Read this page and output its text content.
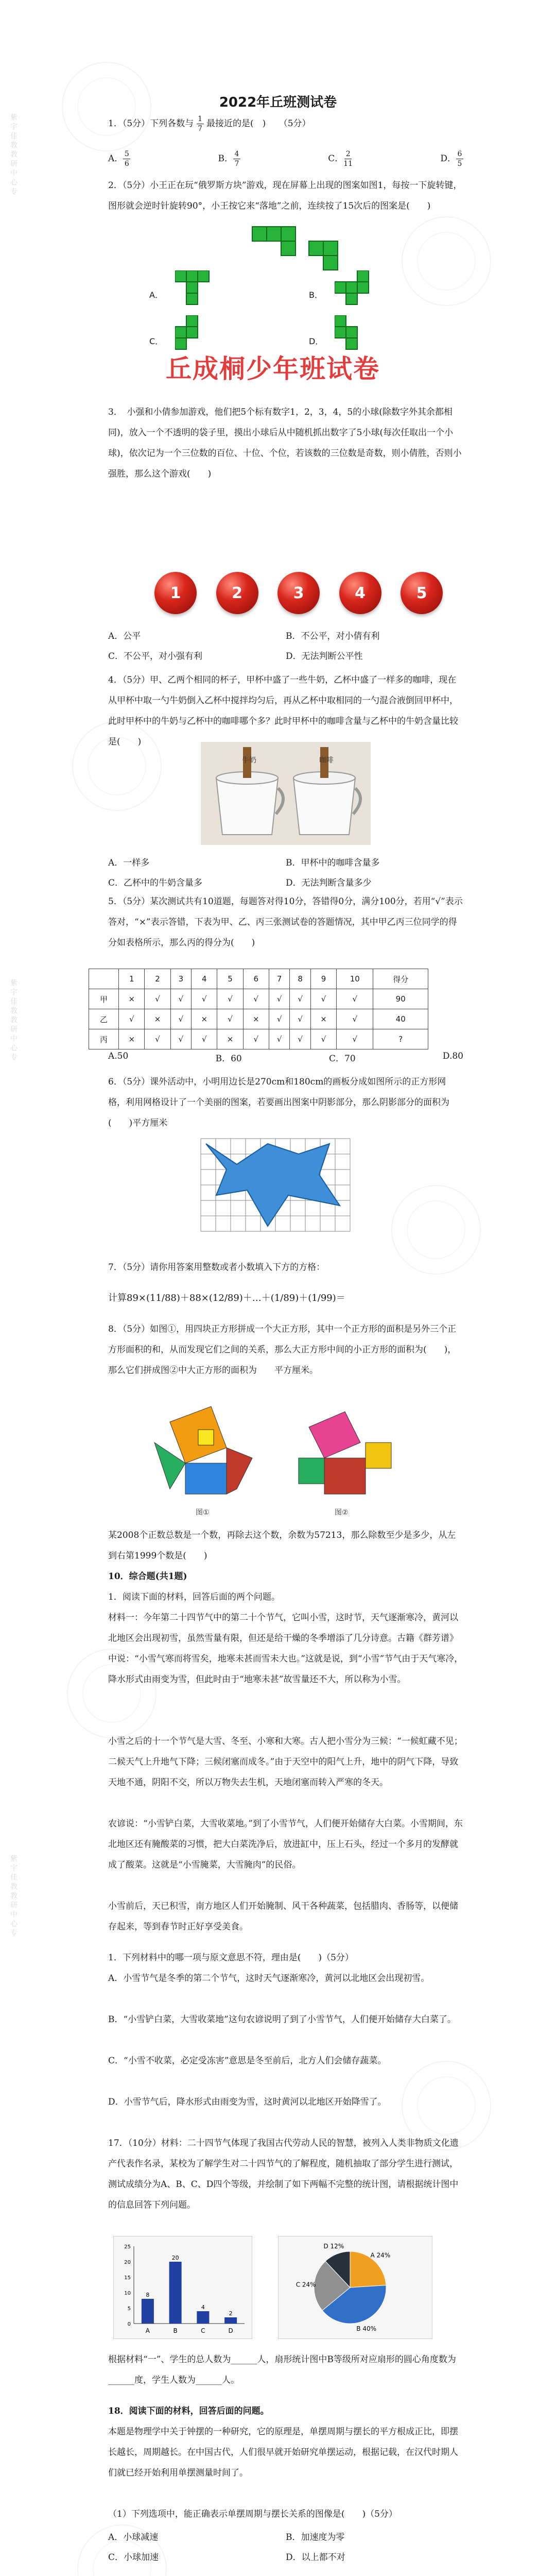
紫宇佳教教研中心专
紫宇佳教教研中心专
紫宇佳教教研中心专
2022年丘班测试卷
1．（5分）下列各数与 $\frac{1}{7}$ 最接近的是(　)　　（5分）
A． $\frac{5}{6}$	B． $\frac{4}{7}$	C． $\frac{2}{11}$	D． $\frac{6}{5}$
2．（5分）小王正在玩“俄罗斯方块”游戏，现在屏幕上出现的图案如图1，每按一下旋转键，图形就会逆时针旋转90°，小王按它来“落地”之前，连续按了15次后的图案是(　　)
A．	B．
C．	D．
丘成桐少年班试卷
3．　小强和小倩参加游戏，他们把5个标有数字1，2，3，4，5的小球(除数字外其余都相同)，放入一个不透明的袋子里，摸出小球后从中随机抓出数字了5小球(每次任取出一个小球)，依次记为一个三位数的百位、十位、个位，若该数的三位数是奇数，则小倩胜，否则小强胜，那么这个游戏(　　)
1	2	3	4	5
A．公平	B．不公平，对小倩有利
C．不公平，对小强有利	D．无法判断公平性
4．（5分）甲、乙两个相同的杯子，甲杯中盛了一些牛奶，乙杯中盛了一样多的咖啡，现在从甲杯中取一勺牛奶倒入乙杯中搅拌均匀后，再从乙杯中取相同的一勺混合液倒回甲杯中，此时甲杯中的牛奶与乙杯中的咖啡哪个多？此时甲杯中的咖啡含量与乙杯中的牛奶含量比较是(　　)
牛奶	咖啡
A．一样多	B．甲杯中的咖啡含量多
C．乙杯中的牛奶含量多	D．无法判断含量多少
5．（5分）某次测试共有10道题，每题答对得10分，答错得0分，满分100分，若用“√”表示答对，“×”表示答错，下表为甲、乙、丙三张测试卷的答题情况，其中甲乙丙三位同学的得分如表格所示，那么丙的得分为(　　)
	1	2	3	4	5	6	7	8	9	10	得分
甲	×	√	√	√	√	√	√	√	√	√	90
乙	√	×	√	×	√	×	√	√	×	√	40
丙	×	√	√	√	×	√	√	√	√	√	?
A.50	B．60	C．70	D.80
6．（5分）课外活动中，小明用边长是270cm和180cm的画板分成如图所示的正方形网格，利用网格设计了一个美丽的图案，若要画出图案中阴影部分，那么阴影部分的面积为(　　)平方厘米
7．（5分）请你用答案用整数或者小数填入下方的方格：
计算89×(11/88)＋88×(12/89)＋…＋(1/89)＋(1/99)＝
8．（5分）如图①，用四块正方形拼成一个大正方形，其中一个正方形的面积是另外三个正方形面积的和，从而发现它们之间的关系，那么大正方形中间的小正方形的面积为(　　)，那么它们拼成图②中大正方形的面积为　　平方厘米。
图①	图②
某2008个正数总数是一个数，再除去这个数，余数为57213，那么除数至少是多少，从左到右第1999个数是(　　)
10．综合题(共1题)
1．阅读下面的材料，回答后面的两个问题。
材料一：今年第二十四节气中的第二十个节气，它叫小雪，这时节，天气逐渐寒冷，黄河以北地区会出现初雪，虽然雪量有限，但还是给干燥的冬季增添了几分诗意。古籍《群芳谱》中说：“小雪气寒而将雪矣，地寒未甚而雪未大也。”这就是说，到“小雪”节气由于天气寒冷，降水形式由雨变为雪，但此时由于“地寒未甚”故雪量还不大，所以称为小雪。
小雪之后的十一个节气是大雪、冬至、小寒和大寒。古人把小雪分为三候：“一候虹藏不见；二候天气上升地气下降；三候闭塞而成冬。”由于天空中的阳气上升，地中的阴气下降，导致天地不通，阴阳不交，所以万物失去生机，天地闭塞而转入严寒的冬天。
农谚说：“小雪铲白菜，大雪收菜地。”到了小雪节气，人们便开始储存大白菜。小雪期间，东北地区还有腌酸菜的习惯，把大白菜洗净后，放进缸中，压上石头，经过一个多月的发酵就成了酸菜。这就是“小雪腌菜，大雪腌肉”的民俗。
小雪前后，天已积雪，南方地区人们开始腌制、风干各种蔬菜，包括腊肉、香肠等，以便储存起来，等到春节时正好享受美食。
1．下列材料中的哪一项与原文意思不符，理由是(　　)（5分）
A．小雪节气是冬季的第二个节气，这时天气逐渐寒冷，黄河以北地区会出现初雪。
B．“小雪铲白菜，大雪收菜地”这句农谚说明了到了小雪节气，人们便开始储存大白菜了。
C．“小雪不收菜，必定受冻害”意思是冬至前后，北方人们会储存蔬菜。
D．小雪节气后，降水形式由雨变为雪，这时黄河以北地区开始降雪了。
17．（10分）材料：二十四节气体现了我国古代劳动人民的智慧，被列入人类非物质文化遗产代表作名录，某校为了解学生对二十四节气的了解程度，随机抽取了部分学生进行测试，测试成绩分为A、B、C、D四个等级，并绘制了如下两幅不完整的统计图，请根据统计图中的信息回答下列问题。
A
8
B
20
C
4
D
2
0
5
10
15
20
25
A 24%
B 40%
C 24%
D 12%
根据材料“一”、学生的总人数为______人，扇形统计图中B等级所对应扇形的圆心角度数为______度，学生人数为______人。
18．阅读下面的材料，回答后面的问题。
本题是物理学中关于钟摆的一种研究，它的原理是，单摆周期与摆长的平方根成正比，即摆长越长，周期越长。在中国古代，人们很早就开始研究单摆运动，根据记载，在汉代时期人们就已经开始利用单摆测量时间了。
（1）下列选项中，能正确表示单摆周期与摆长关系的图像是(　　)（5分）
A．小球减速	B．加速度为零
C．小球加速	D．以上都不对
